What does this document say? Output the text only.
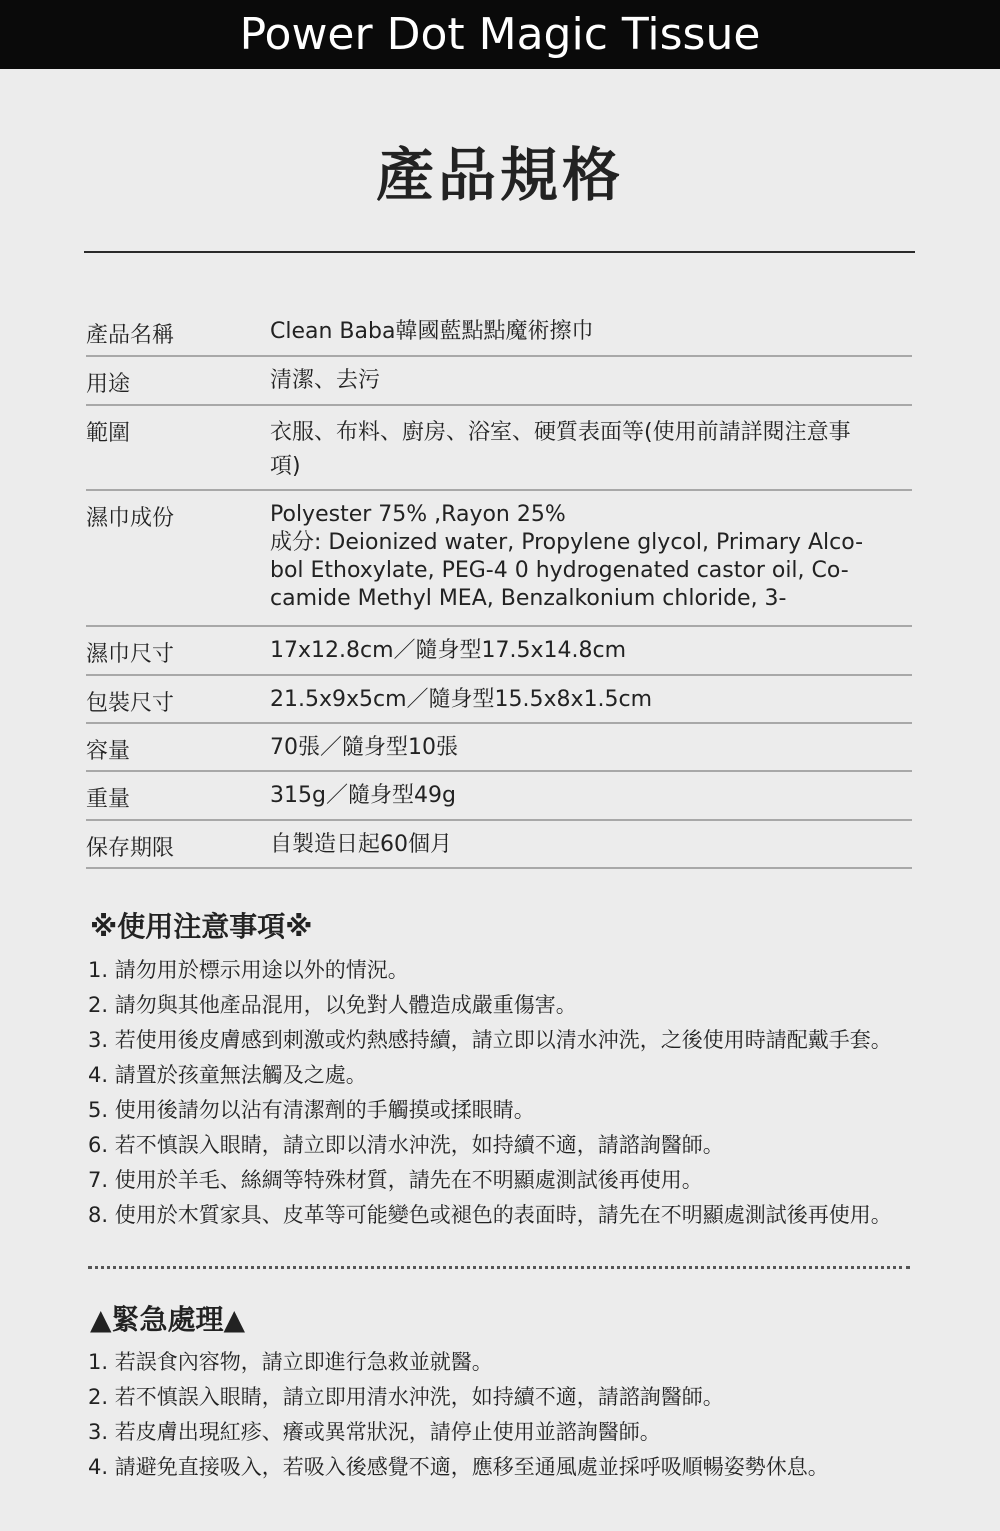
Power Dot Magic Tissue
產品規格
產品名稱	Clean Baba韓國藍點點魔術擦巾
用途	清潔、去污
範圍	衣服、布料、廚房、浴室、硬質表面等(使用前請詳閱注意事
項)
濕巾成份	Polyester 75% ,Rayon 25%
成分: Deionized water, Propylene glycol, Primary Alco-
bol Ethoxylate, PEG-4 0 hydrogenated castor oil, Co-
camide Methyl MEA, Benzalkonium chloride, 3-
濕巾尺寸	17x12.8cm／隨身型17.5x14.8cm
包裝尺寸	21.5x9x5cm／隨身型15.5x8x1.5cm
容量	70張／隨身型10張
重量	315g／隨身型49g
保存期限	自製造日起60個月
※使用注意事項※
1. 請勿用於標示用途以外的情況。
2. 請勿與其他產品混用，以免對人體造成嚴重傷害。
3. 若使用後皮膚感到刺激或灼熱感持續，請立即以清水沖洗，之後使用時請配戴手套。
4. 請置於孩童無法觸及之處。
5. 使用後請勿以沾有清潔劑的手觸摸或揉眼睛。
6. 若不慎誤入眼睛，請立即以清水沖洗，如持續不適，請諮詢醫師。
7. 使用於羊毛、絲綢等特殊材質，請先在不明顯處測試後再使用。
8. 使用於木質家具、皮革等可能變色或褪色的表面時，請先在不明顯處測試後再使用。
▲緊急處理▲
1. 若誤食內容物，請立即進行急救並就醫。
2. 若不慎誤入眼睛，請立即用清水沖洗，如持續不適，請諮詢醫師。
3. 若皮膚出現紅疹、癢或異常狀況，請停止使用並諮詢醫師。
4. 請避免直接吸入，若吸入後感覺不適，應移至通風處並採呼吸順暢姿勢休息。
